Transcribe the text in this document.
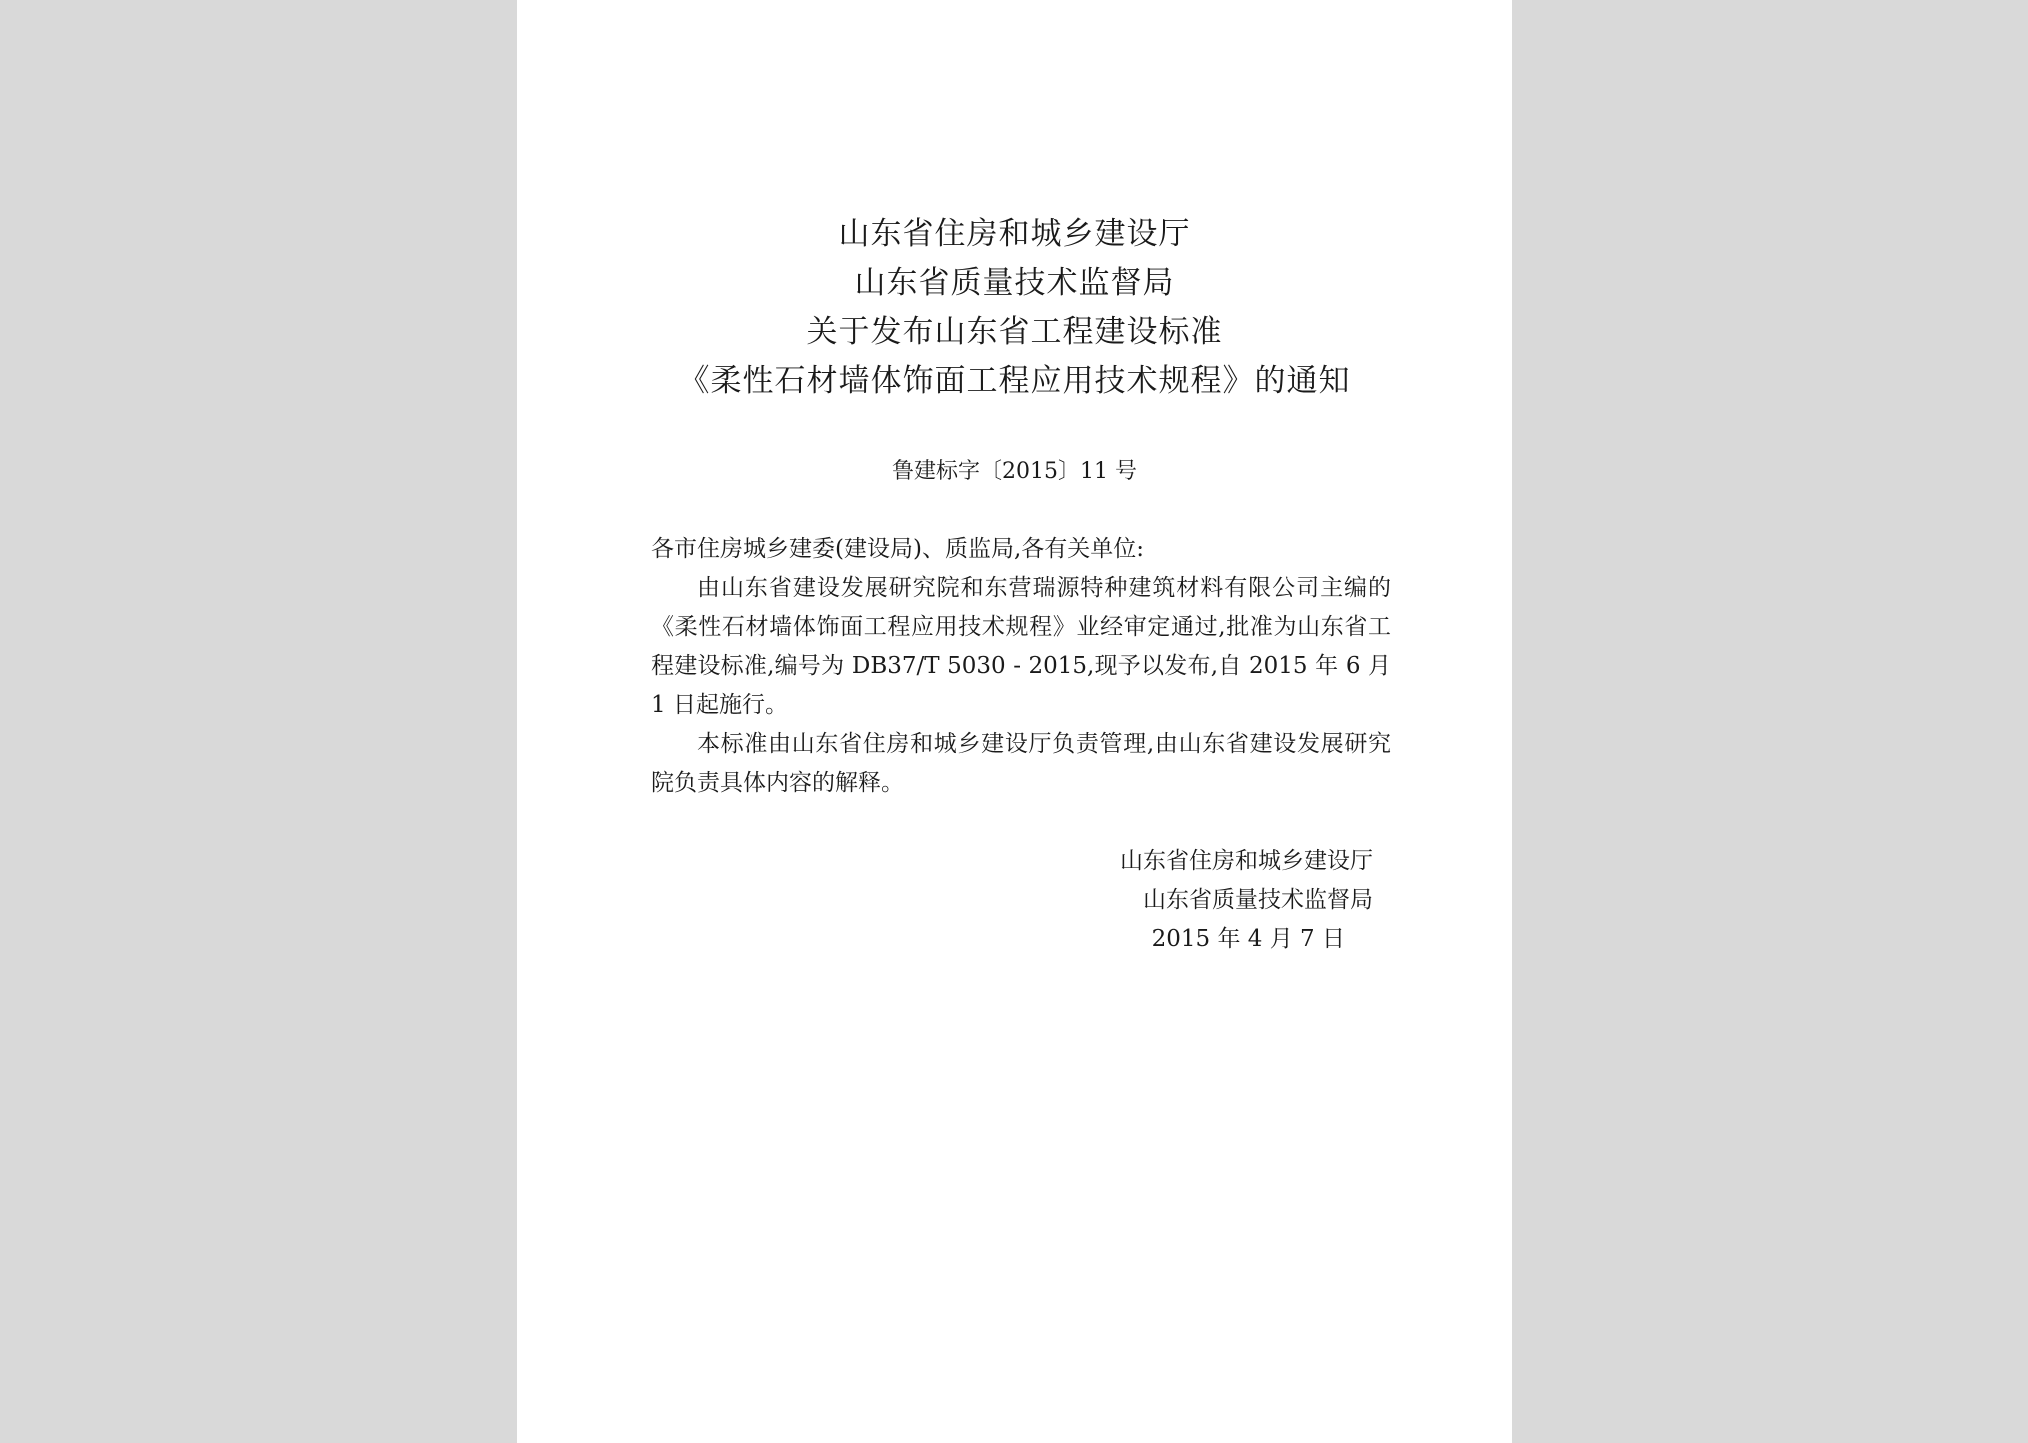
山东省住房和城乡建设厅
山东省质量技术监督局
关于发布山东省工程建设标准
《柔性石材墙体饰面工程应用技术规程》的通知
鲁建标字〔2015〕11 号
各市住房城乡建委(建设局)、质监局,各有关单位:

由山东省建设发展研究院和东营瑞源特种建筑材料有限公司主编的《柔性石材墙体饰面工程应用技术规程》业经审定通过,批准为山东省工程建设标准,编号为 DB37/T 5030 - 2015,现予以发布,自 2015 年 6 月 1 日起施行。

本标准由山东省住房和城乡建设厅负责管理,由山东省建设发展研究院负责具体内容的解释。

山东省住房和城乡建设厅
山东省质量技术监督局
2015 年 4 月 7 日
